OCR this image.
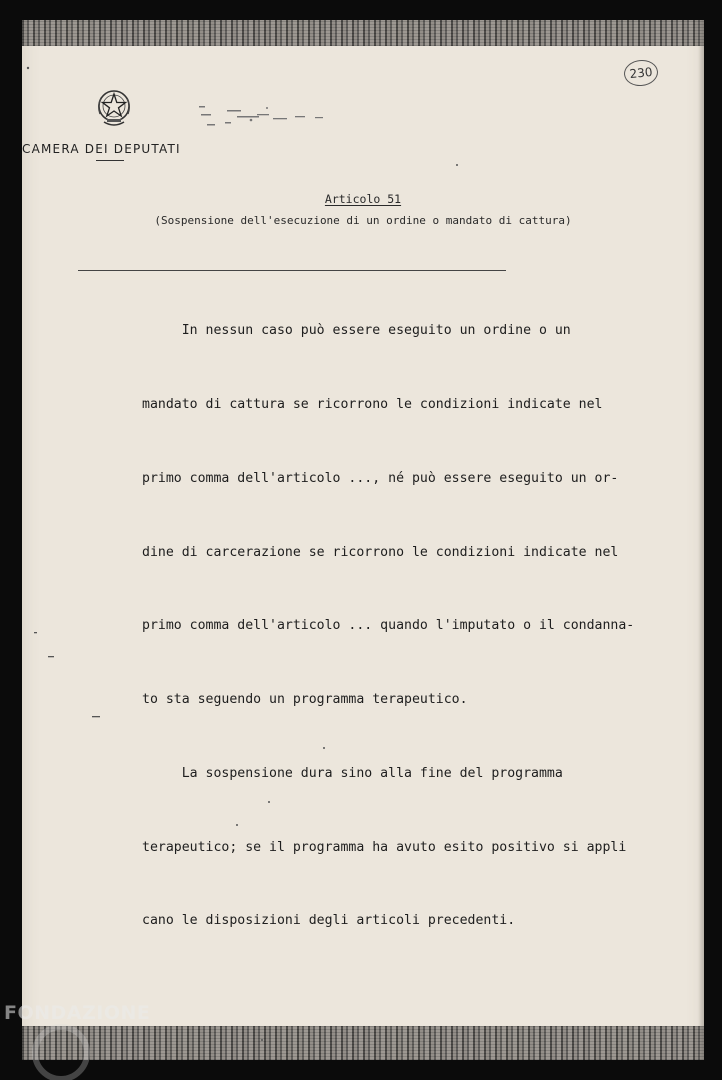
230
CAMERA DEI DEPUTATI
Articolo 51
(Sospensione dell'esecuzione di un ordine o mandato di cattura)

In nessun caso può essere eseguito un ordine o un

mandato di cattura se ricorrono le condizioni indicate nel

primo comma dell'articolo ..., né può essere eseguito un or-

dine di carcerazione se ricorrono le condizioni indicate nel

primo comma dell'articolo ... quando l'imputato o il condanna-

to sta seguendo un programma terapeutico.

La sospensione dura sino alla fine del programma

terapeutico; se il programma ha avuto esito positivo si appli

cano le disposizioni degli articoli precedenti.

FONDAZIONE
